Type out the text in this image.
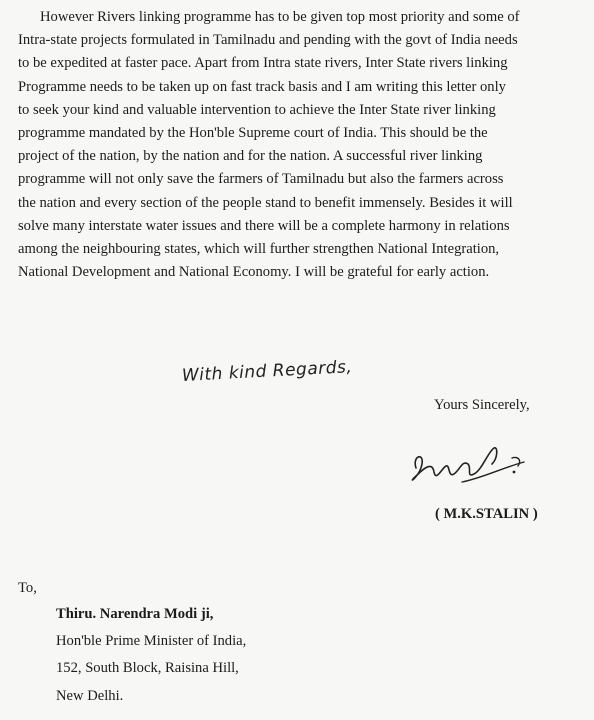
However Rivers linking programme has to be given top most priority and some of
Intra-state projects formulated in Tamilnadu and pending with the govt of India needs
to be expedited at faster pace. Apart from Intra state rivers, Inter State rivers linking
Programme needs to be taken up on fast track basis and I am writing this letter only
to seek your kind and valuable intervention to achieve the Inter State river linking
programme mandated by the Hon'ble Supreme court of India. This should be the
project of the nation, by the nation and for the nation. A successful river linking
programme will not only save the farmers of Tamilnadu but also the farmers across
the nation and every section of the people stand to benefit immensely. Besides it will
solve many interstate water issues and there will be a complete harmony in relations
among the neighbouring states, which will further strengthen National Integration,
National Development and National Economy. I will be grateful for early action.

With kind Regards,
Yours Sincerely,
( M.K.STALIN )
To,
Thiru. Narendra Modi ji,
Hon'ble Prime Minister of India,
152, South Block, Raisina Hill,
New Delhi.
